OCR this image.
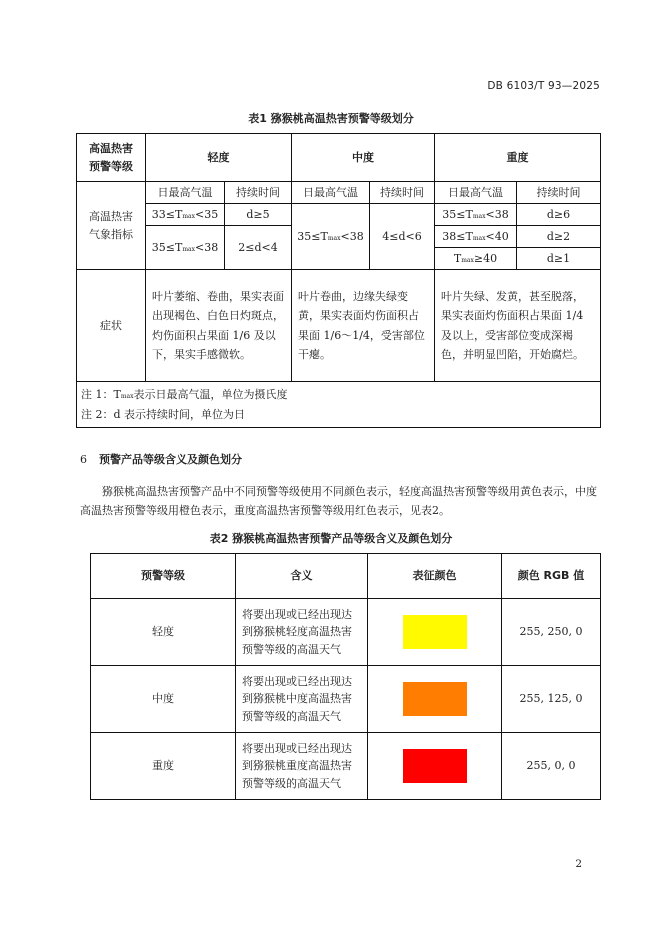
DB 6103/T 93—2025
表1 猕猴桃高温热害预警等级划分
高温热害
预警等级	轻度		中度		重度	

高温热害
气象指标	日最高气温	持续时间	日最高气温	持续时间	日最高气温	持续时间
	33≤Tmax<35	d≥5	35≤Tmax<38	4≤d<6	35≤Tmax<38	d≥6
	35≤Tmax<38	2≤d<4			38≤Tmax<40	d≥2
					Tmax≥40	d≥1
症状	叶片萎缩、卷曲，果实表面出现褐色、白色日灼斑点，灼伤面积占果面 1/6 及以下，果实手感微软。		叶片卷曲，边缘失绿变黄，果实表面灼伤面积占果面 1/6～1/4，受害部位干瘪。		叶片失绿、发黄，甚至脱落，果实表面灼伤面积占果面 1/4 及以上，受害部位变成深褐色，并明显凹陷，开始腐烂。	

注 1：Tmax表示日最高气温，单位为摄氏度
注 2：d 表示持续时间，单位为日						
6 预警产品等级含义及颜色划分
猕猴桃高温热害预警产品中不同预警等级使用不同颜色表示，轻度高温热害预警等级用黄色表示，中度高温热害预警等级用橙色表示，重度高温热害预警等级用红色表示，见表2。
表2 猕猴桃高温热害预警产品等级含义及颜色划分
预警等级	含义	表征颜色	颜色 RGB 值
轻度	将要出现或已经出现达到猕猴桃轻度高温热害预警等级的高温天气		255, 250, 0
中度	将要出现或已经出现达到猕猴桃中度高温热害预警等级的高温天气		255, 125, 0
重度	将要出现或已经出现达到猕猴桃重度高温热害预警等级的高温天气		255, 0, 0
2
